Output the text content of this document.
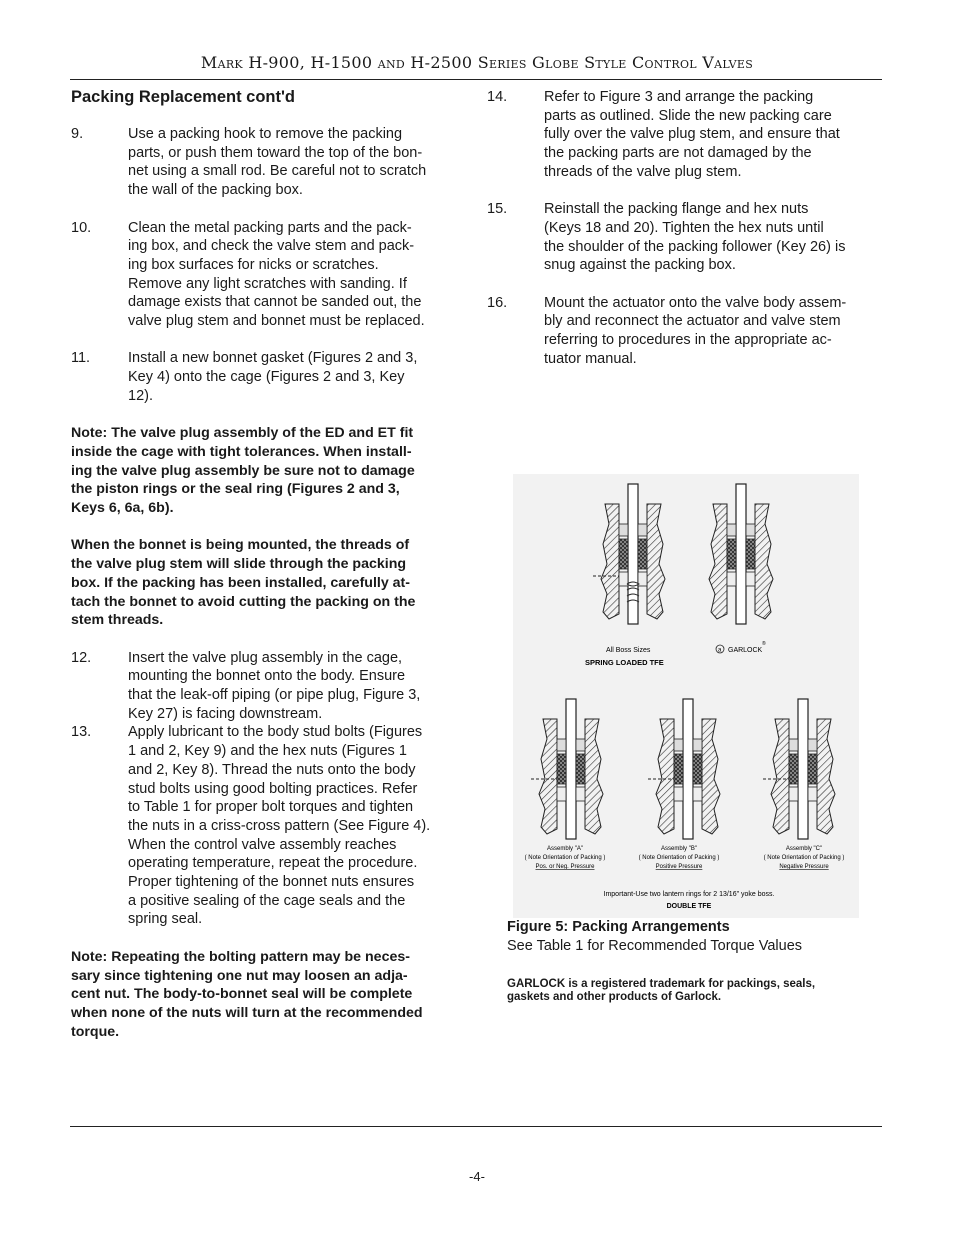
Mark H-900, H-1500 and H-2500 Series Globe Style Control Valves
Packing Replacement cont'd
9.	Use a packing hook to remove the packing
parts, or push them toward the top of the bon-
net using a small rod. Be careful not to scratch
the wall of the packing box.
10.	Clean the metal packing parts and the pack-
ing box, and check the valve stem and pack-
ing box surfaces for nicks or scratches.
Remove any light scratches with sanding. If
damage exists that cannot be sanded out, the
valve plug stem and bonnet must be replaced.
11.	Install a new bonnet gasket (Figures 2 and 3,
Key 4) onto the cage (Figures 2 and 3, Key
12).
Note: The valve plug assembly of the ED and ET fit
inside the cage with tight tolerances. When install-
ing the valve plug assembly be sure not to damage
the piston rings or the seal ring (Figures 2 and 3,
Keys 6, 6a, 6b).
When the bonnet is being mounted, the threads of
the valve plug stem will slide through the packing
box. If the packing has been installed, carefully at-
tach the bonnet to avoid cutting the packing on the
stem threads.
12.	Insert the valve plug assembly in the cage,
mounting the bonnet onto the body. Ensure
that the leak-off piping (or pipe plug, Figure 3,
Key 27) is facing downstream.
13.	Apply lubricant to the body stud bolts (Figures
1 and 2, Key 9) and the hex nuts (Figures 1
and 2, Key 8). Thread the nuts onto the body
stud bolts using good bolting practices. Refer
to Table 1 for proper bolt torques and tighten
the nuts in a criss-cross pattern (See Figure 4).
When the control valve assembly reaches
operating temperature, repeat the procedure.
Proper tightening of the bonnet nuts ensures
a positive sealing of the cage seals and the
spring seal.
Note: Repeating the bolting pattern may be neces-
sary since tightening one nut may loosen an adja-
cent nut. The body-to-bonnet seal will be complete
when none of the nuts will turn at the recommended
torque.
14.	Refer to Figure 3 and arrange the packing
parts as outlined. Slide the new packing care
fully over the valve plug stem, and ensure that
the packing parts are not damaged by the
threads of the valve plug stem.
15.	Reinstall the packing flange and hex nuts
(Keys 18 and 20). Tighten the hex nuts until
the shoulder of the packing follower (Key 26) is
snug against the packing box.
16.	Mount the actuator onto the valve body assem-
bly and reconnect the actuator and valve stem
referring to procedures in the appropriate ac-
tuator manual.
All Boss Sizes	a GARLOCK
®
SPRING LOADED TFE
Assembly "A"
( Note Orientation of Packing )
Pos. or Neg. Pressure
Assembly "B"
( Note Orientation of Packing )
Positive Pressure
Assembly "C"
( Note Orientation of Packing )
Negative Pressure
Important-Use two lantern rings for 2 13/16" yoke boss.
DOUBLE TFE
Figure 5: Packing Arrangements
See Table 1 for Recommended Torque Values
GARLOCK is a registered trademark for packings, seals,
gaskets and other products of Garlock.
-4-
